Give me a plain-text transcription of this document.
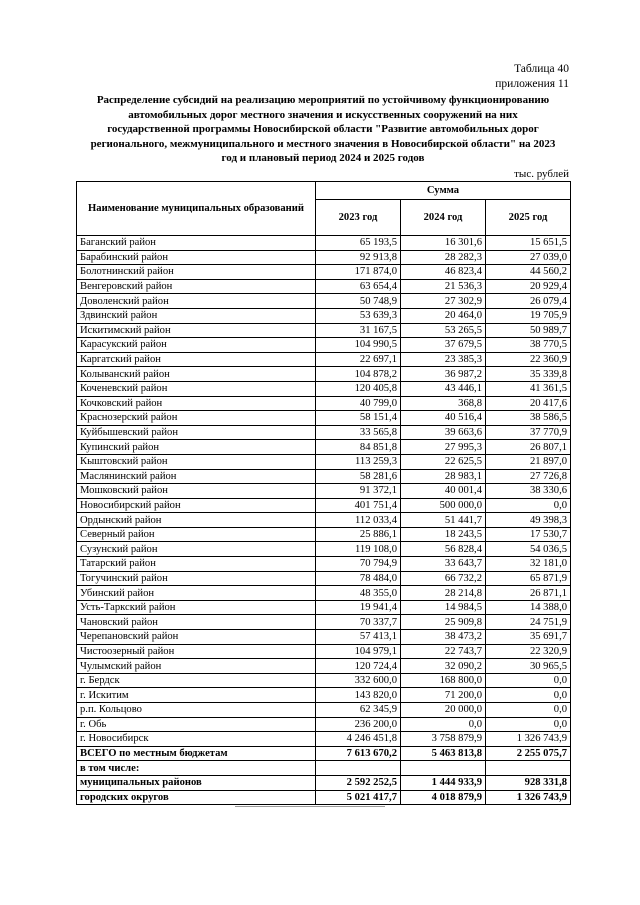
Таблица 40
приложения 11
Распределение субсидий на реализацию мероприятий по устойчивому функционированию
автомобильных дорог местного значения и искусственных сооружений на них
государственной программы Новосибирской области "Развитие автомобильных дорог
регионального, межмуниципального и местного значения в Новосибирской области" на 2023
год и плановый период 2024 и 2025 годов
тыс. рублей
Наименование муниципальных образований	Сумма		
	2023 год	2024 год	2025 год
Баганский район	65 193,5	16 301,6	15 651,5
Барабинский район	92 913,8	28 282,3	27 039,0
Болотнинский район	171 874,0	46 823,4	44 560,2
Венгеровский район	63 654,4	21 536,3	20 929,4
Доволенский район	50 748,9	27 302,9	26 079,4
Здвинский район	53 639,3	20 464,0	19 705,9
Искитимский район	31 167,5	53 265,5	50 989,7
Карасукский район	104 990,5	37 679,5	38 770,5
Каргатский район	22 697,1	23 385,3	22 360,9
Колыванский район	104 878,2	36 987,2	35 339,8
Коченевский район	120 405,8	43 446,1	41 361,5
Кочковский район	40 799,0	368,8	20 417,6
Краснозерский район	58 151,4	40 516,4	38 586,5
Куйбышевский район	33 565,8	39 663,6	37 770,9
Купинский район	84 851,8	27 995,3	26 807,1
Кыштовский район	113 259,3	22 625,5	21 897,0
Маслянинский район	58 281,6	28 983,1	27 726,8
Мошковский район	91 372,1	40 001,4	38 330,6
Новосибирский район	401 751,4	500 000,0	0,0
Ордынский район	112 033,4	51 441,7	49 398,3
Северный район	25 886,1	18 243,5	17 530,7
Сузунский район	119 108,0	56 828,4	54 036,5
Татарский район	70 794,9	33 643,7	32 181,0
Тогучинский район	78 484,0	66 732,2	65 871,9
Убинский район	48 355,0	28 214,8	26 871,1
Усть-Таркский район	19 941,4	14 984,5	14 388,0
Чановский район	70 337,7	25 909,8	24 751,9
Черепановский район	57 413,1	38 473,2	35 691,7
Чистоозерный район	104 979,1	22 743,7	22 320,9
Чулымский район	120 724,4	32 090,2	30 965,5
г. Бердск	332 600,0	168 800,0	0,0
г. Искитим	143 820,0	71 200,0	0,0
р.п. Кольцово	62 345,9	20 000,0	0,0
г. Обь	236 200,0	0,0	0,0
г. Новосибирск	4 246 451,8	3 758 879,9	1 326 743,9
ВСЕГО по местным бюджетам	7 613 670,2	5 463 813,8	2 255 075,7
в том числе:			
муниципальных районов	2 592 252,5	1 444 933,9	928 331,8
городских округов	5 021 417,7	4 018 879,9	1 326 743,9
